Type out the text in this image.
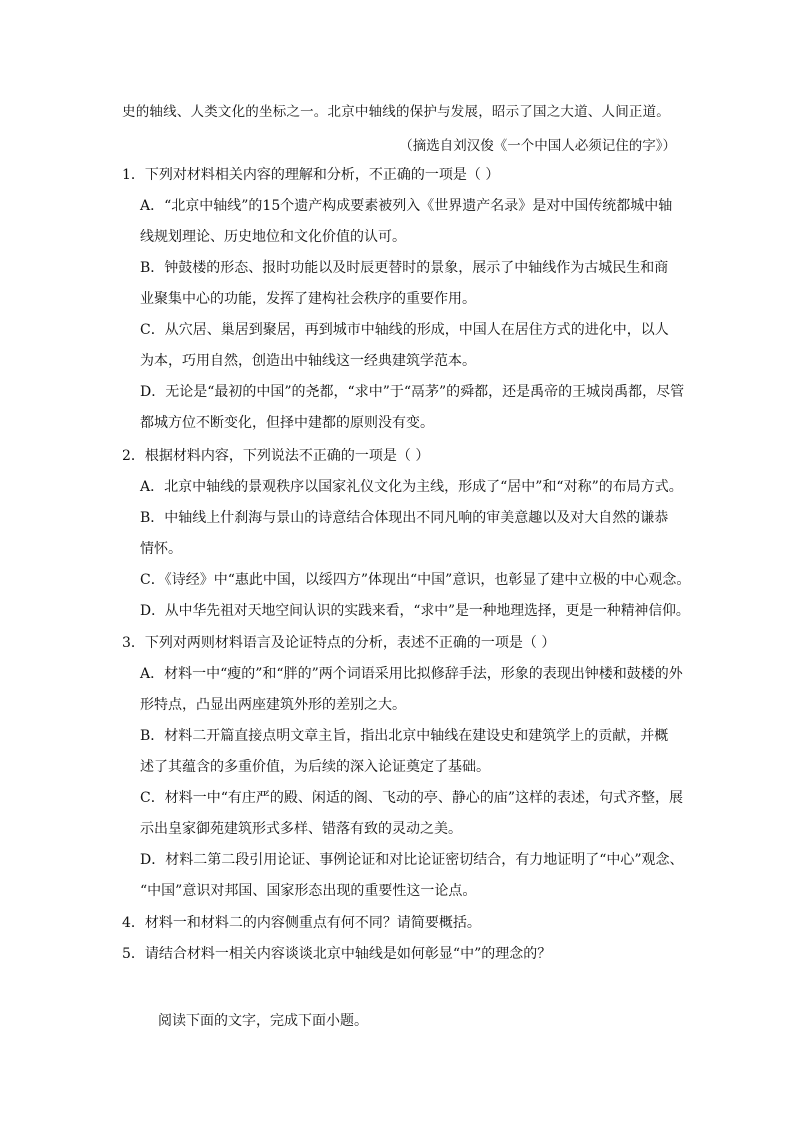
史的轴线、人类文化的坐标之一。北京中轴线的保护与发展，昭示了国之大道、人间正道。
（摘选自刘汉俊《一个中国人必须记住的字》）
1．下列对材料相关内容的理解和分析，不正确的一项是（ ）
A．“北京中轴线”的15个遗产构成要素被列入《世界遗产名录》是对中国传统都城中轴
线规划理论、历史地位和文化价值的认可。
B．钟鼓楼的形态、报时功能以及时辰更替时的景象，展示了中轴线作为古城民生和商
业聚集中心的功能，发挥了建构社会秩序的重要作用。
C．从穴居、巢居到聚居，再到城市中轴线的形成，中国人在居住方式的进化中，以人
为本，巧用自然，创造出中轴线这一经典建筑学范本。
D．无论是“最初的中国”的尧都，“求中”于“鬲茅”的舜都，还是禹帝的王城岗禹都，尽管
都城方位不断变化，但择中建都的原则没有变。
2．根据材料内容，下列说法不正确的一项是（ ）
A．北京中轴线的景观秩序以国家礼仪文化为主线，形成了“居中”和“对称”的布局方式。
B．中轴线上什刹海与景山的诗意结合体现出不同凡响的审美意趣以及对大自然的谦恭
情怀。
C．《诗经》中“惠此中国，以绥四方”体现出“中国”意识，也彰显了建中立极的中心观念。
D．从中华先祖对天地空间认识的实践来看，“求中”是一种地理选择，更是一种精神信仰。
3．下列对两则材料语言及论证特点的分析，表述不正确的一项是（ ）
A．材料一中“瘦的”和“胖的”两个词语采用比拟修辞手法，形象的表现出钟楼和鼓楼的外
形特点，凸显出两座建筑外形的差别之大。
B．材料二开篇直接点明文章主旨，指出北京中轴线在建设史和建筑学上的贡献，并概
述了其蕴含的多重价值，为后续的深入论证奠定了基础。
C．材料一中“有庄严的殿、闲适的阁、飞动的亭、静心的庙”这样的表述，句式齐整，展
示出皇家御苑建筑形式多样、错落有致的灵动之美。
D．材料二第二段引用论证、事例论证和对比论证密切结合，有力地证明了“中心”观念、
“中国”意识对邦国、国家形态出现的重要性这一论点。
4．材料一和材料二的内容侧重点有何不同？请简要概括。
5．请结合材料一相关内容谈谈北京中轴线是如何彰显“中”的理念的？
阅读下面的文字，完成下面小题。
